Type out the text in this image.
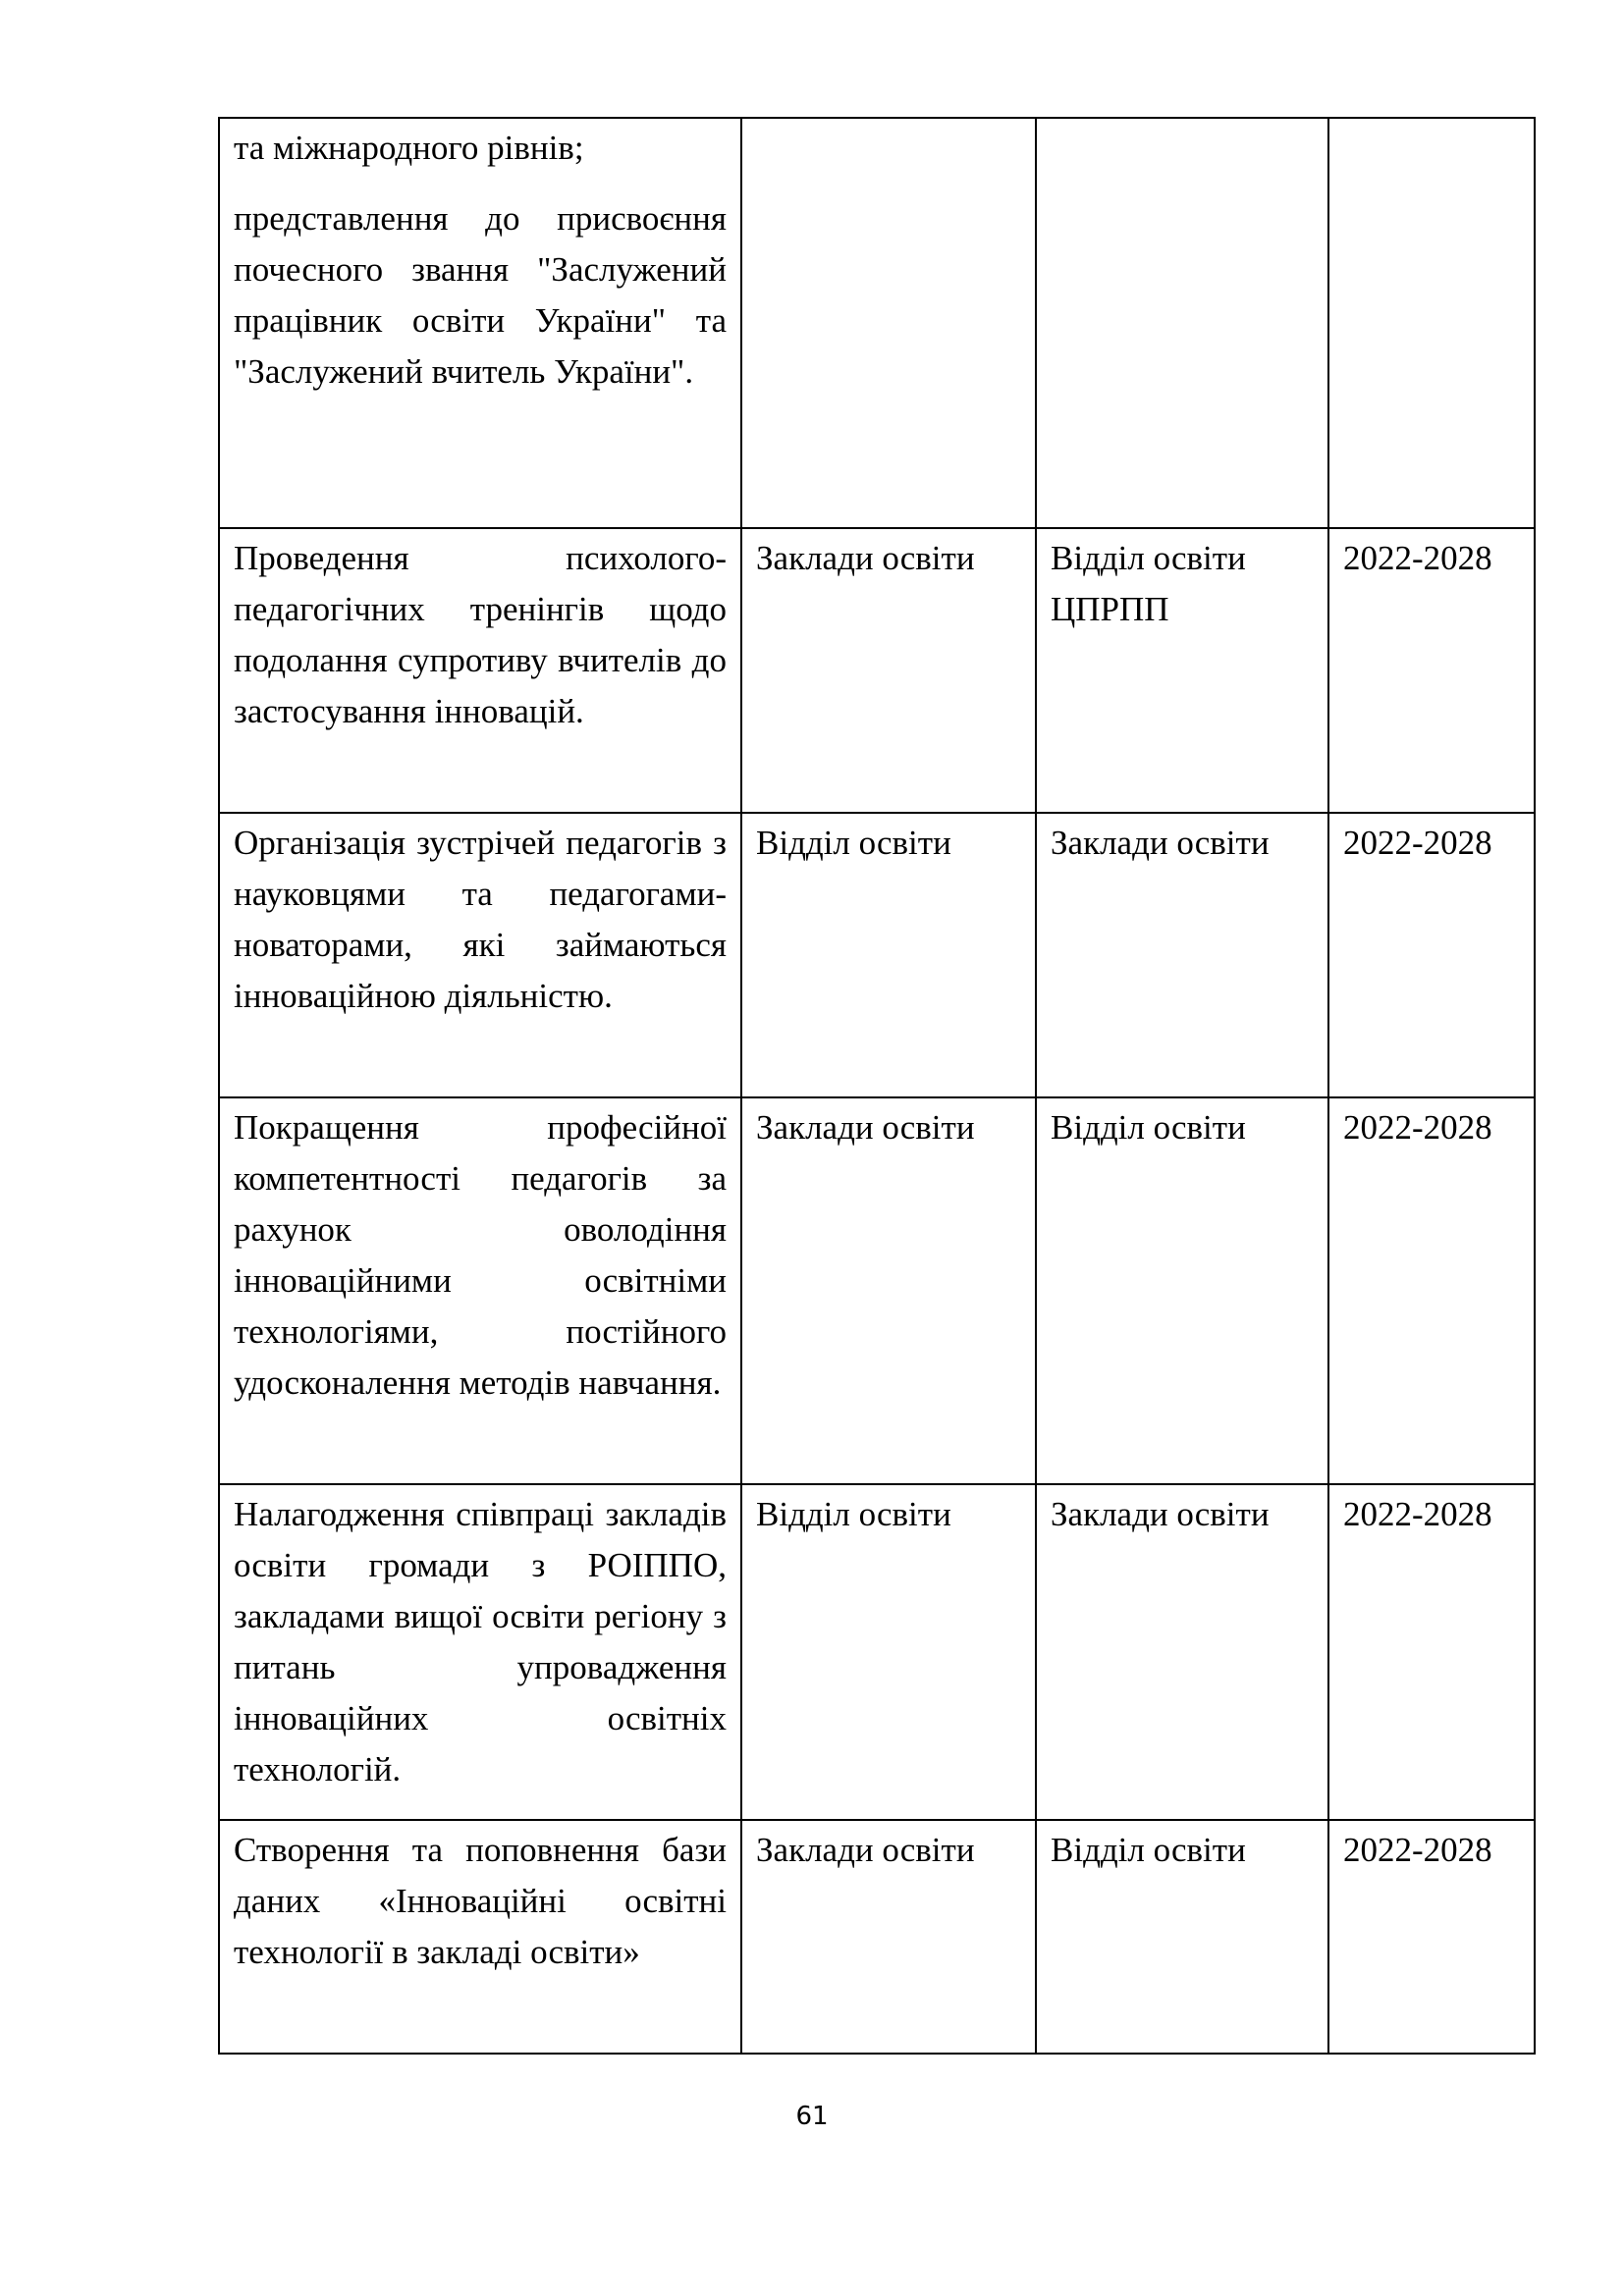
та міжнародного рівнів;

представлення до присвоєння почесного звання "Заслужений працівник освіти України" та "Заслужений вчитель України".			

Проведення психолого-педагогічних тренінгів щодо подолання супротиву вчителів до застосування інновацій.	Заклади освіти	Відділ освіти ЦПРПП	2022-2028

Організація зустрічей педагогів з науковцями та педагогами-новаторами, які займаються інноваційною діяльністю.	Відділ освіти	Заклади освіти	2022-2028

Покращення професійної компетентності педагогів за рахунок оволодіння інноваційними освітніми технологіями, постійного удосконалення методів навчання.	Заклади освіти	Відділ освіти	2022-2028

Налагодження співпраці закладів освіти громади з РОІППО, закладами вищої освіти регіону з питань упровадження інноваційних освітніх технологій.	Відділ освіти	Заклади освіти	2022-2028

Створення та поповнення бази даних «Інноваційні освітні технології в закладі освіти»	Заклади освіти	Відділ освіти	2022-2028
61
